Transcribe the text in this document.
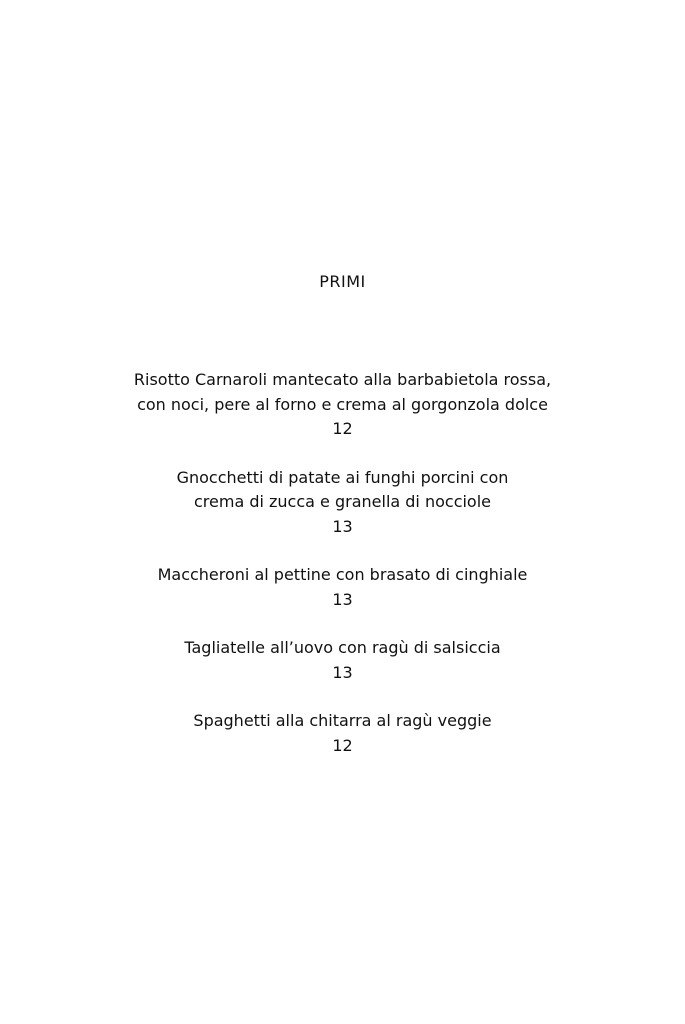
PRIMI
Risotto Carnaroli mantecato alla barbabietola rossa,
con noci, pere al forno e crema al gorgonzola dolce
12
Gnocchetti di patate ai funghi porcini con
crema di zucca e granella di nocciole
13
Maccheroni al pettine con brasato di cinghiale
13
Tagliatelle all’uovo con ragù di salsiccia
13
Spaghetti alla chitarra al ragù veggie
12
